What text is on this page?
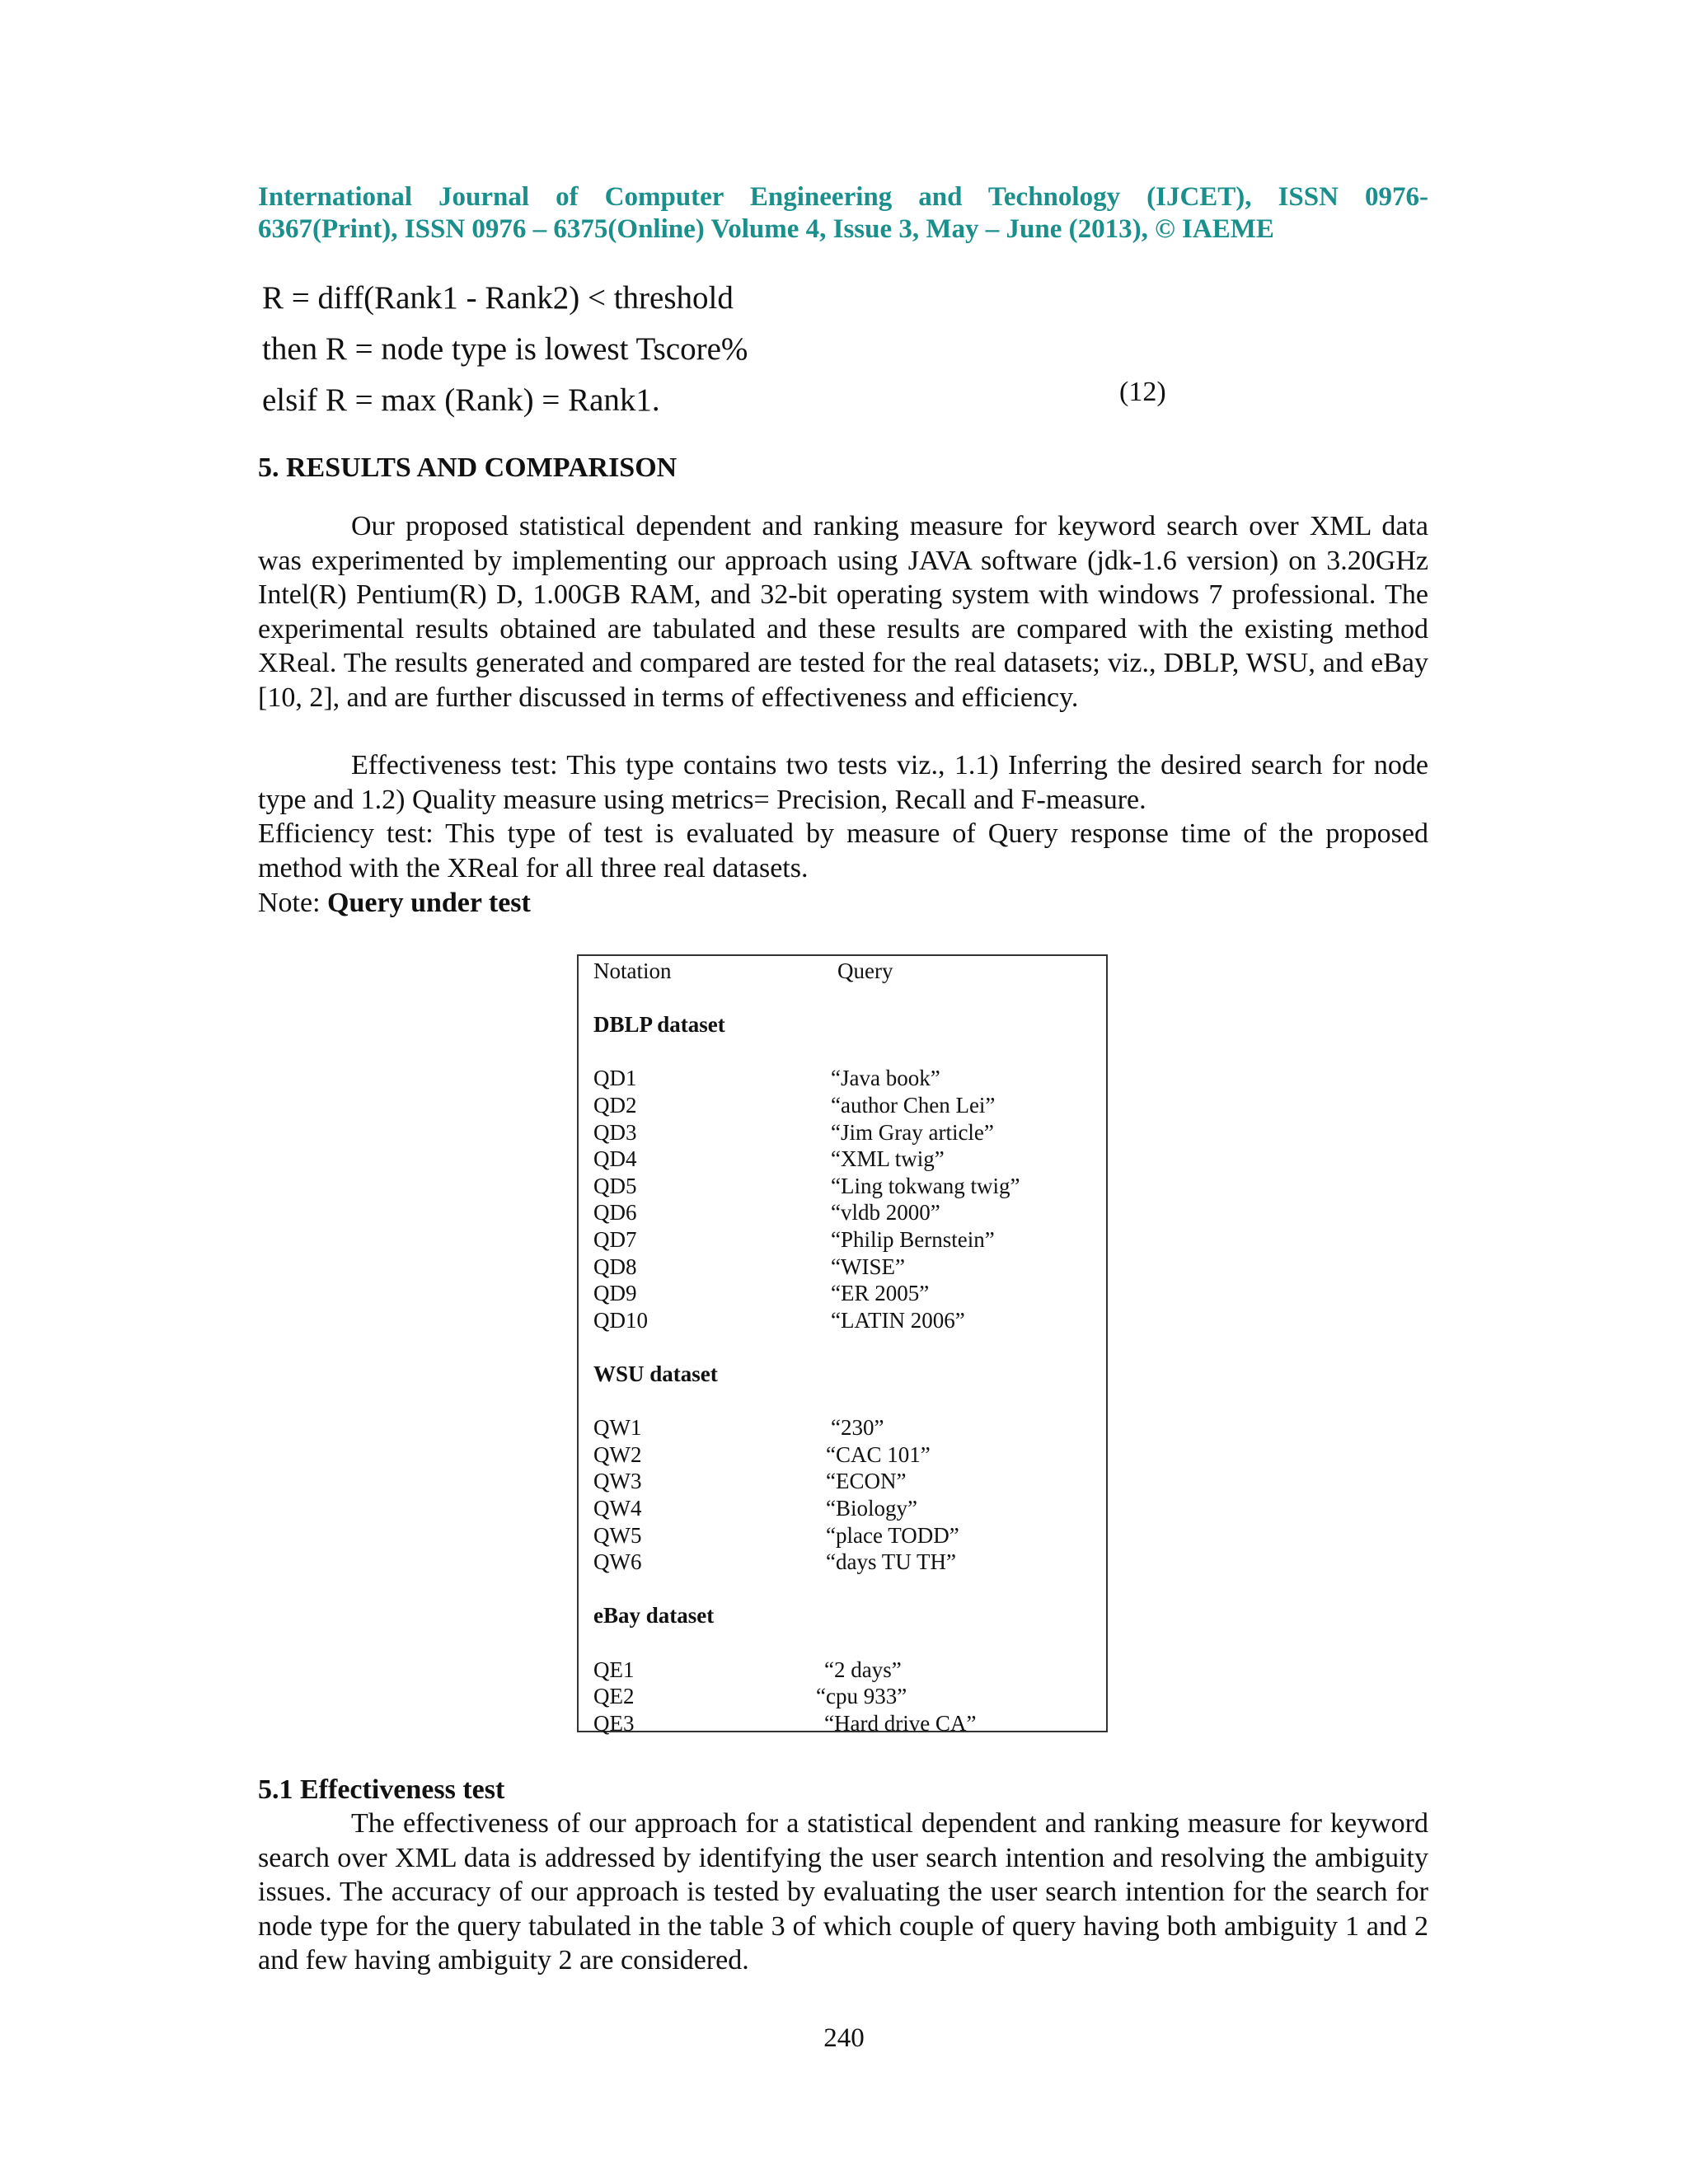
International Journal of Computer Engineering and Technology (IJCET), ISSN 0976-
6367(Print), ISSN 0976 – 6375(Online) Volume 4, Issue 3, May – June (2013), © IAEME
R = diff(Rank1 - Rank2) < threshold
then R = node type is lowest Tscore%
elsif R = max (Rank) = Rank1.	(12)
5. RESULTS AND COMPARISON
Our proposed statistical dependent and ranking measure for keyword search over XML data was experimented by implementing our approach using JAVA software (jdk-1.6 version) on 3.20GHz Intel(R) Pentium(R) D, 1.00GB RAM, and 32-bit operating system with windows 7 professional. The experimental results obtained are tabulated and these results are compared with the existing method XReal. The results generated and compared are tested for the real datasets; viz., DBLP, WSU, and eBay [10, 2], and are further discussed in terms of effectiveness and efficiency.
Effectiveness test: This type contains two tests viz., 1.1) Inferring the desired search for node type and 1.2) Quality measure using metrics= Precision, Recall and F-measure.
Efficiency test: This type of test is evaluated by measure of Query response time of the proposed method with the XReal for all three real datasets.
Note: Query under test
Notation	Query
DBLP dataset
QD1	“Java book”
QD2	“author Chen Lei”
QD3	“Jim Gray article”
QD4	“XML twig”
QD5	“Ling tokwang twig”
QD6	“vldb 2000”
QD7	“Philip Bernstein”
QD8	“WISE”
QD9	“ER 2005”
QD10	“LATIN 2006”
WSU dataset
QW1	“230”
QW2	“CAC 101”
QW3	“ECON”
QW4	“Biology”
QW5	“place TODD”
QW6	“days TU TH”
eBay dataset
QE1	“2 days”
QE2	“cpu 933”
QE3	“Hard drive CA”
5.1 Effectiveness test
The effectiveness of our approach for a statistical dependent and ranking measure for keyword search over XML data is addressed by identifying the user search intention and resolving the ambiguity issues. The accuracy of our approach is tested by evaluating the user search intention for the search for node type for the query tabulated in the table 3 of which couple of query having both ambiguity 1 and 2 and few having ambiguity 2 are considered.
240
